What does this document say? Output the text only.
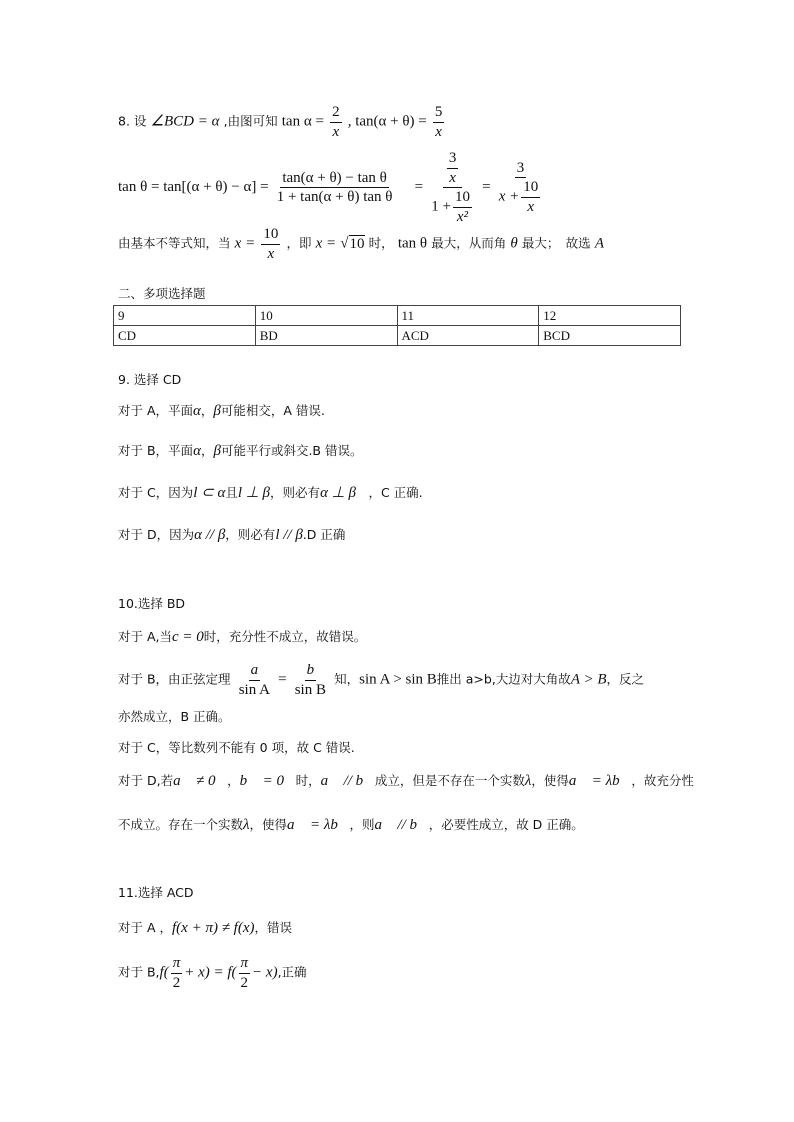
8. 设 ∠BCD = α ,由图可知 $\tan \alpha = \frac{2}{x}$ , $\tan(\alpha + \theta) = \frac{5}{x}$
$\tan \theta = \tan[(\alpha + \theta) - \alpha] = \frac{\text{tan(α + θ) − tan θ}}{\text{1 + tan(α + θ) tan θ}} = \frac{\frac{3}{x}}{1 + \frac{10}{\text{x²}}} = \frac{3}{x + \frac{10}{x}}$
由基本不等式知，当 $x = \frac{10}{x}$ ，即 x = √10 时， tan θ 最大，从而角 θ 最大；　故选 A
二、多项选择题
9	10	11	12
CD	BD	ACD	BCD
9. 选择 CD
对于 A，平面α，β可能相交，A 错误.
对于 B，平面α，β可能平行或斜交.B 错误。
对于 C，因为l ⊂ α且l ⊥ β，则必有α ⊥ β　，C 正确.
对于 D，因为α // β，则必有l // β.D 正确
10.选择 BD
对于 A,当c = 0时，充分性不成立，故错误。
对于 B，由正弦定理 $\frac{a}{\text{sin A}} = \frac{b}{\text{sin B}}$ 知，sin A > sin B推出 a>b,大边对大角故A > B，反之
亦然成立，B 正确。
对于 C，等比数列不能有 0 项，故 C 错误.
对于 D,若a⃗ ≠ 0⃗，b⃗ = 0⃗时，a⃗ // b⃗成立，但是不存在一个实数λ，使得a⃗ = λb⃗，故充分性
不成立。存在一个实数λ，使得a⃗ = λb⃗，则a⃗ // b⃗，必要性成立，故 D 正确。
11.选择 ACD
对于 A ，f(x + π) ≠ f(x)，错误
对于 $B,f( \frac{\pi}{2} + x) = f( \frac{\pi}{2} - x)$,正确
